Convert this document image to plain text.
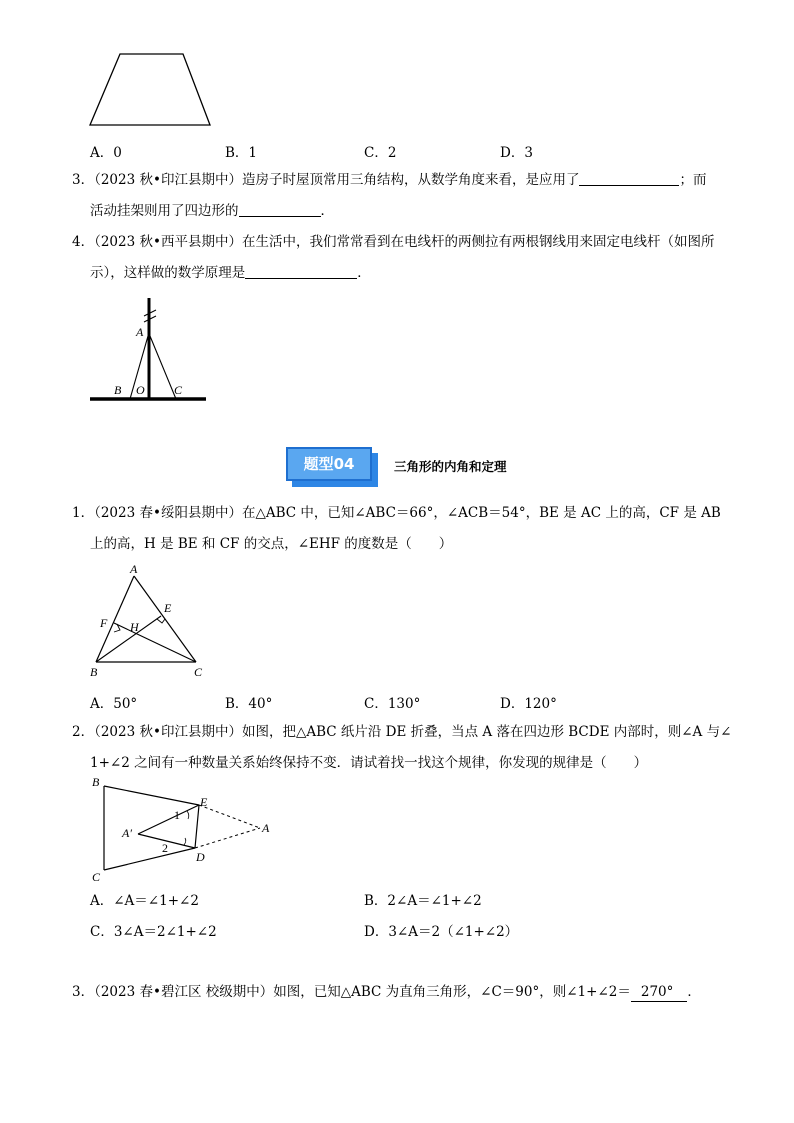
A．0	B．1	C．2	D．3
3．（2023 秋•印江县期中）造房子时屋顶常用三角结构，从数学角度来看，是应用了	；而
活动挂架则用了四边形的	．
4．（2023 秋•西平县期中）在生活中，我们常常看到在电线杆的两侧拉有两根钢线用来固定电线杆（如图所
示），这样做的数学原理是	．
A
B O C
题型04	三角形的内角和定理
1．（2023 春•绥阳县期中）在△ABC 中，已知∠ABC＝66°，∠ACB＝54°，BE 是 AC 上的高，CF 是 AB
上的高，H 是 BE 和 CF 的交点，∠EHF 的度数是（　　）
A
E
F H
B	C
A．50°	B．40°	C．130°	D．120°
2．（2023 秋•印江县期中）如图，把△ABC 纸片沿 DE 折叠，当点 A 落在四边形 BCDE 内部时，则∠A 与∠
1+∠2 之间有一种数量关系始终保持不变．请试着找一找这个规律，你发现的规律是（　　）
B
E
1
A′	A
2
D
C
A．∠A＝∠1+∠2	B．2∠A＝∠1+∠2
C．3∠A＝2∠1+∠2	D．3∠A＝2（∠1+∠2）
3．（2023 春•碧江区 校级期中）如图，已知△ABC 为直角三角形，∠C＝90°，则∠1+∠2＝ 270° ．
